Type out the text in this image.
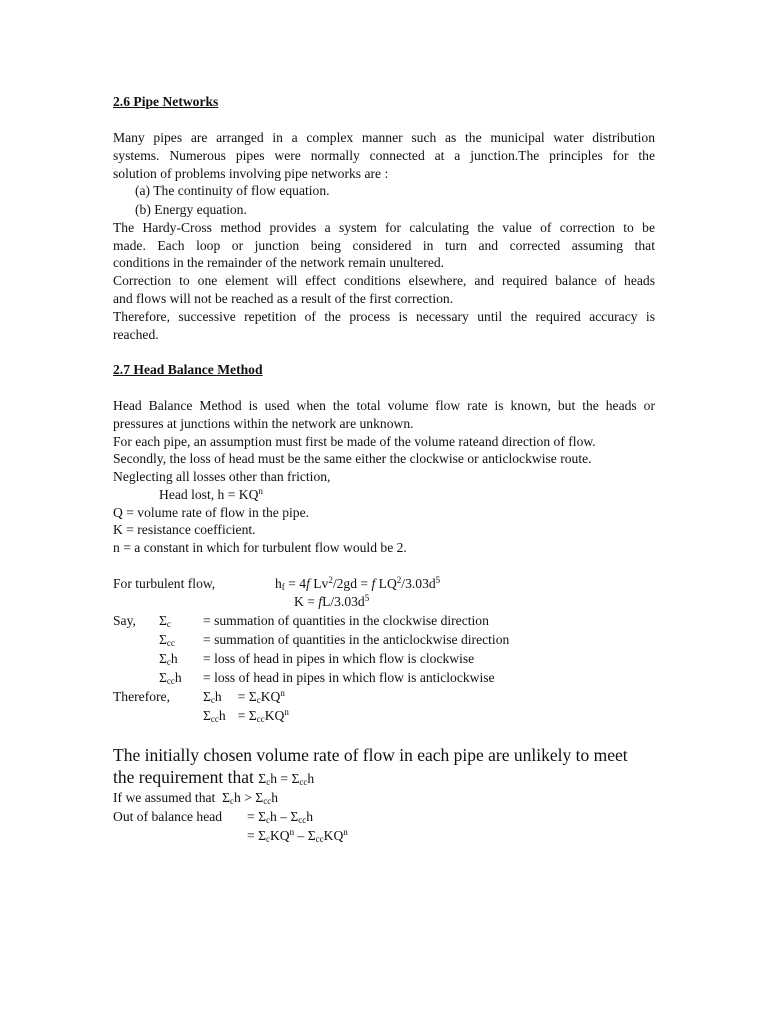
2.6 Pipe Networks
Many pipes are arranged in a complex manner such as the municipal water distribution
systems. Numerous pipes were normally connected at a junction.The principles for the
solution of problems involving pipe networks are :
(a) The continuity of flow equation.
(b) Energy equation.
The Hardy-Cross method provides a system for calculating the value of correction to be
made. Each loop or junction being considered in turn and corrected assuming that
conditions in the remainder of the network remain unultered.
Correction to one element will effect conditions elsewhere, and required balance of heads
and flows will not be reached as a result of the first correction.
Therefore, successive repetition of the process is necessary until the required accuracy is
reached.
2.7 Head Balance Method
Head Balance Method is used when the total volume flow rate is known, but the heads or
pressures at junctions within the network are unknown.
For each pipe, an assumption must first be made of the volume rateand direction of flow.
Secondly, the loss of head must be the same either the clockwise or anticlockwise route.
Neglecting all losses other than friction,
Head lost, $h = KQ^n$
Q = volume rate of flow in the pipe.
K = resistance coefficient.
n = a constant in which for turbulent flow would be 2.
For turbulent flow,	$h_f = 4f$ $Lv^2/2gd = f$ $LQ^2/3.03d^5$
$K = fL/3.03d^5$
Say, $\Sigma_c$ = summation of quantities in the clockwise direction
$\Sigma_{cc}$ = summation of quantities in the anticlockwise direction
$\Sigma_ch$ = loss of head in pipes in which flow is clockwise
$\Sigma_{cc}h$ = loss of head in pipes in which flow is anticlockwise
Therefore, $\Sigma_ch = \Sigma_cKQ^n$
$\Sigma_{cc}h = \Sigma_{cc}KQ^n$
The initially chosen volume rate of flow in each pipe are unlikely to meet
the requirement that $\Sigma_ch = \Sigma_{cc}h$
If we assumed that  $\Sigma_ch > \Sigma_{cc}h$
Out of balance head = $\Sigma_ch - \Sigma_{cc}h$
= $\Sigma_cKQ^n - \Sigma_{cc}KQ^n$
